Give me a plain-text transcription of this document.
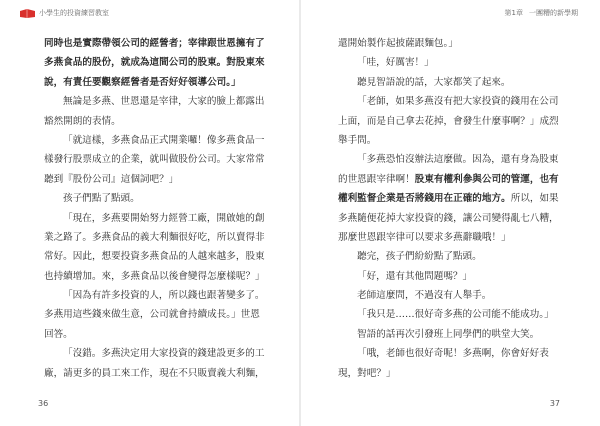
小學生的投資練習教室
同時也是實際帶領公司的經營者；宰律跟世恩擁有了
多燕食品的股份，就成為這間公司的股東。對股東來
說，有責任要觀察經營者是否好好領導公司。」
無論是多燕、世恩還是宰律，大家的臉上都露出
豁然開朗的表情。
「就這樣，多燕食品正式開業囉！像多燕食品一
樣發行股票成立的企業，就叫做股份公司。大家常常
聽到『股份公司』這個詞吧？」
孩子們點了點頭。
「現在，多燕要開始努力經營工廠，開啟她的創
業之路了。多燕食品的義大利麵很好吃，所以賣得非
常好。因此，想要投資多燕食品的人越來越多，股東
也持續增加。來，多燕食品以後會變得怎麼樣呢？」
「因為有許多投資的人，所以錢也跟著變多了。
多燕用這些錢來做生意，公司就會持續成長。」世恩
回答。
「沒錯。多燕決定用大家投資的錢建設更多的工
廠，請更多的員工來工作，現在不只販賣義大利麵，
36
第1章 一團糟的新學期
還開始製作起披薩跟麵包。」
「哇，好厲害！」
聽見智語說的話，大家都笑了起來。
「老師，如果多燕沒有把大家投資的錢用在公司
上面，而是自己拿去花掉，會發生什麼事啊？」成烈
舉手問。
「多燕恐怕沒辦法這麼做。因為，還有身為股東
的世恩跟宰律啊！股東有權利參與公司的管運，也有
權利監督企業是否將錢用在正確的地方。所以，如果
多燕隨便花掉大家投資的錢，讓公司變得亂七八糟，
那麼世恩跟宰律可以要求多燕辭職哦！」
聽完，孩子們紛紛點了點頭。
「好，還有其他問題嗎？」
老師這麼問，不過沒有人舉手。
「我只是……很好奇多燕的公司能不能成功。」
智語的話再次引發班上同學們的哄堂大笑。
「哦，老師也很好奇呢！多燕啊，你會好好表
現，對吧？」
37
